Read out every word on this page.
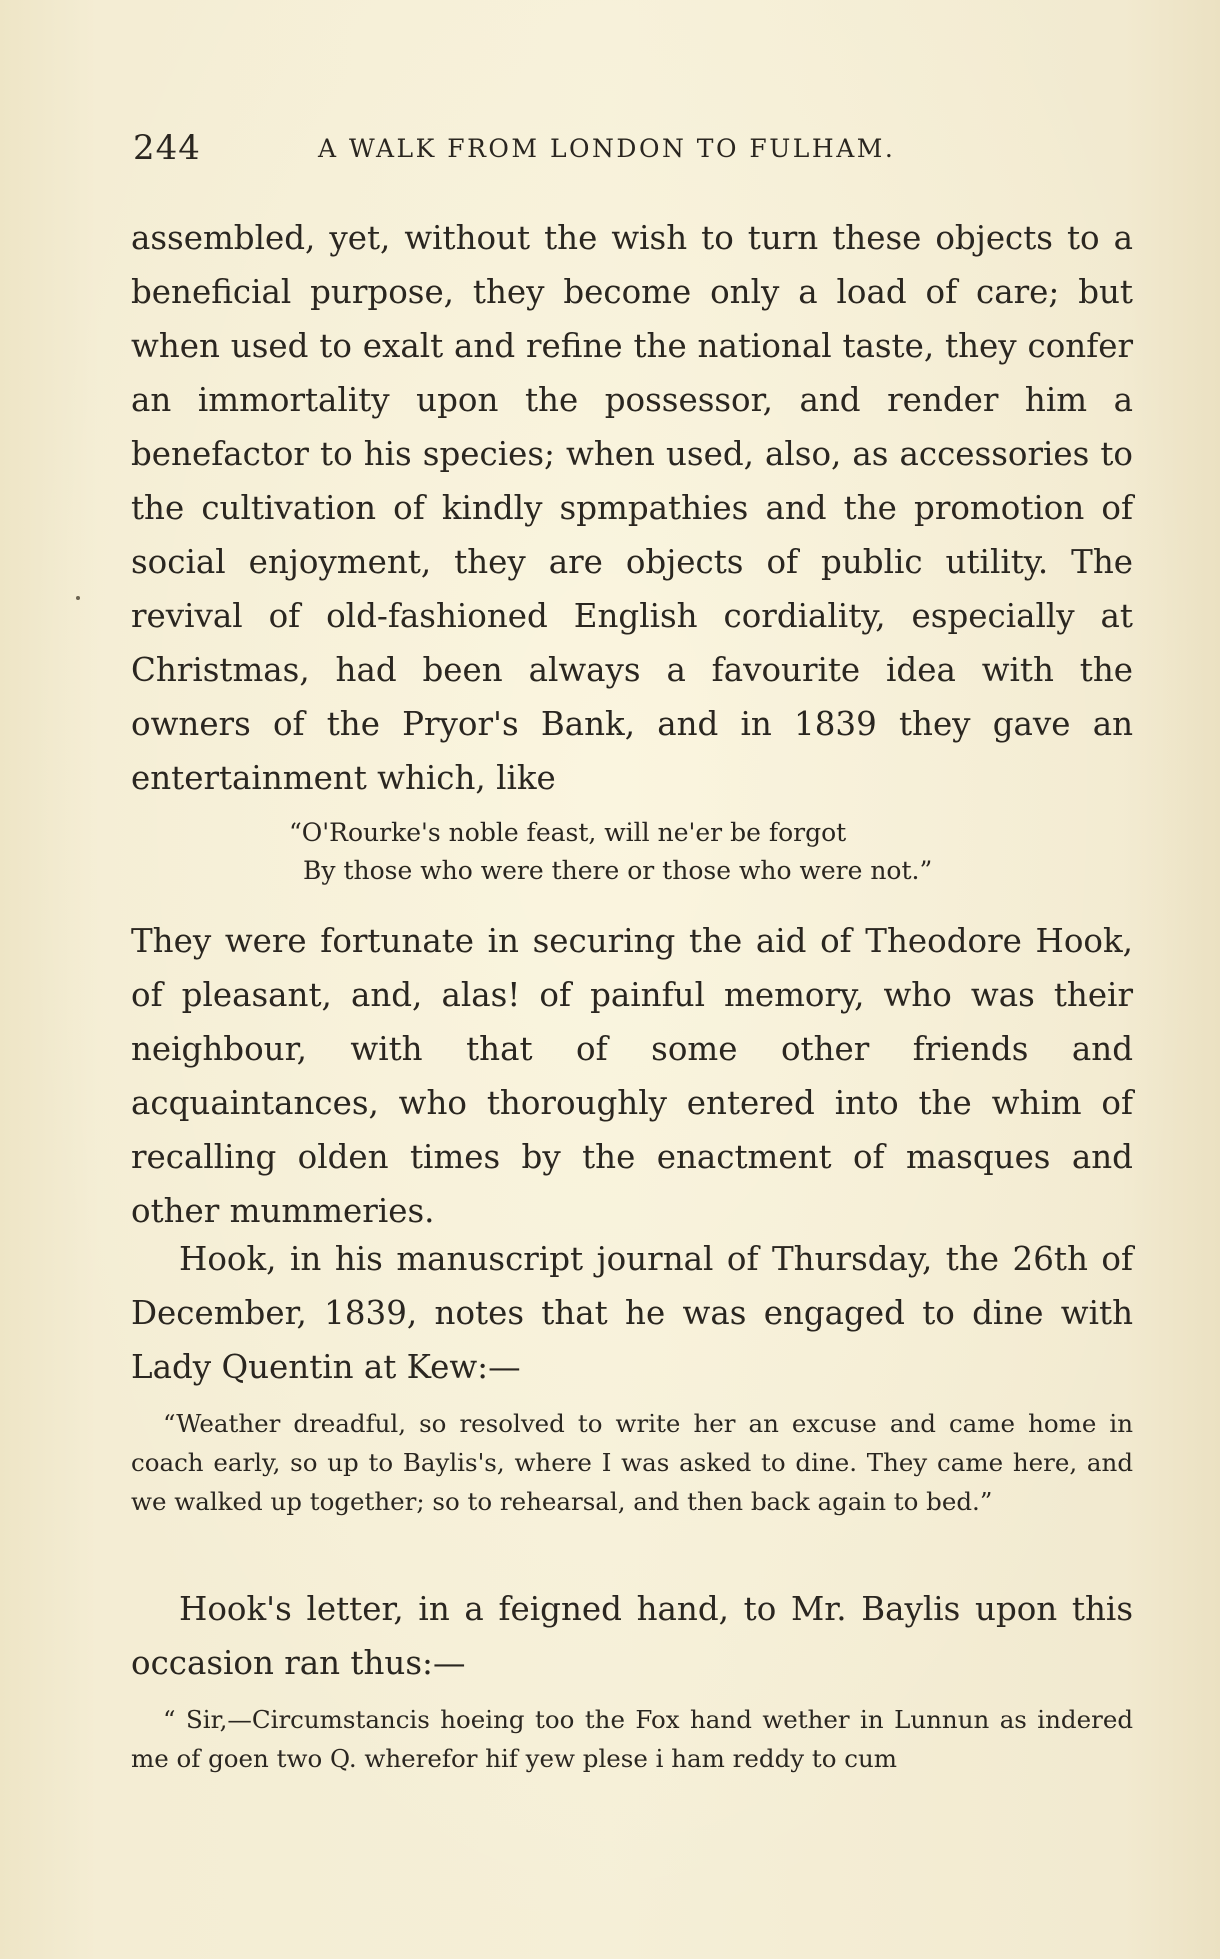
244	A WALK FROM LONDON TO FULHAM.

assembled, yet, without the wish to turn these objects to a beneficial purpose, they become only a load of care; but when used to exalt and refine the national taste, they confer an immortality upon the possessor, and render him a benefactor to his species; when used, also, as accessories to the cultivation of kindly spmpathies and the promotion of social enjoyment, they are objects of public utility. The revival of old-fashioned English cordiality, especially at Christmas, had been always a favourite idea with the owners of the Pryor's Bank, and in 1839 they gave an entertainment which, like

“O'Rourke's noble feast, will ne'er be forgot
By those who were there or those who were not.”

They were fortunate in securing the aid of Theodore Hook, of pleasant, and, alas! of painful memory, who was their neighbour, with that of some other friends and acquaintances, who thoroughly entered into the whim of recalling olden times by the enactment of masques and other mummeries.

Hook, in his manuscript journal of Thursday, the 26th of December, 1839, notes that he was engaged to dine with Lady Quentin at Kew:—

“Weather dreadful, so resolved to write her an excuse and came home in coach early, so up to Baylis's, where I was asked to dine. They came here, and we walked up together; so to rehearsal, and then back again to bed.”

Hook's letter, in a feigned hand, to Mr. Baylis upon this occasion ran thus:—

“ Sir,—Circumstancis hoeing too the Fox hand wether in Lunnun as indered me of goen two Q. wherefor hif yew plese i ham reddy to cum
